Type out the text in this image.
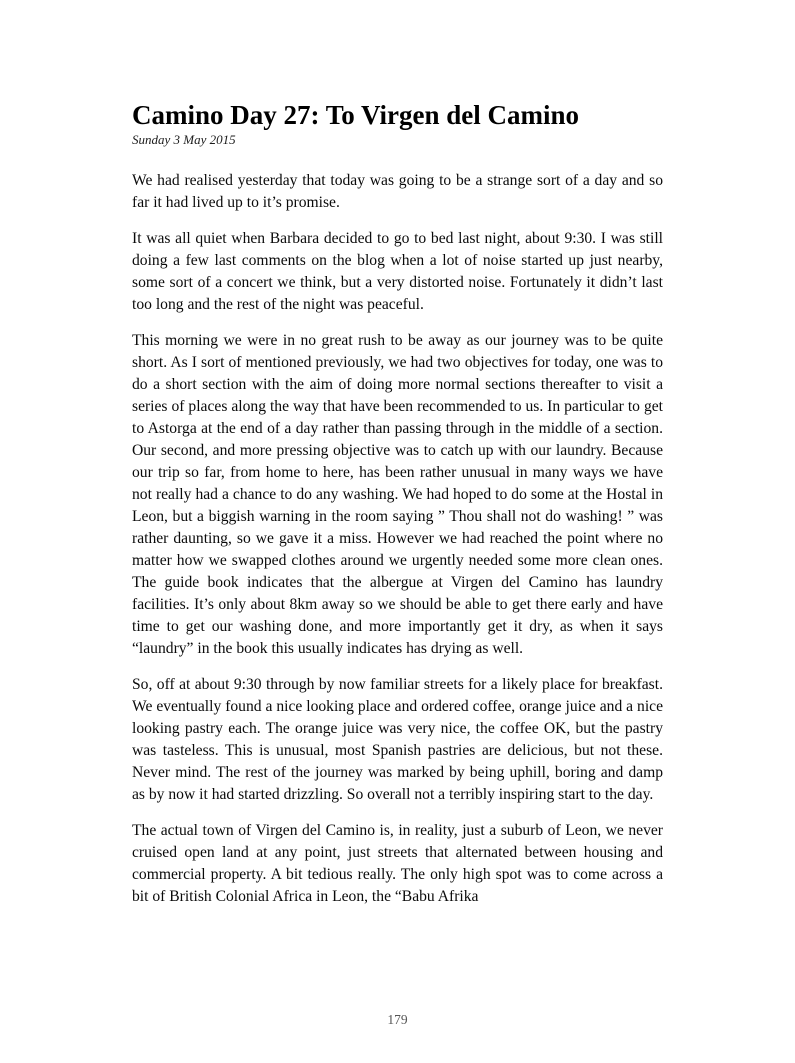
Camino Day 27: To Virgen del Camino
Sunday 3 May 2015

We had realised yesterday that today was going to be a strange sort of a day and so far it had lived up to it’s promise.

It was all quiet when Barbara decided to go to bed last night, about 9:30. I was still doing a few last comments on the blog when a lot of noise started up just nearby, some sort of a concert we think, but a very distorted noise. Fortunately it didn’t last too long and the rest of the night was peaceful.

This morning we were in no great rush to be away as our journey was to be quite short. As I sort of mentioned previously, we had two objectives for today, one was to do a short section with the aim of doing more normal sections thereafter to visit a series of places along the way that have been recommended to us. In particular to get to Astorga at the end of a day rather than passing through in the middle of a section. Our second, and more pressing objective was to catch up with our laundry. Because our trip so far, from home to here, has been rather unusual in many ways we have not really had a chance to do any washing. We had hoped to do some at the Hostal in Leon, but a biggish warning in the room saying ” Thou shall not do washing! ” was rather daunting, so we gave it a miss. However we had reached the point where no matter how we swapped clothes around we urgently needed some more clean ones. The guide book indicates that the albergue at Virgen del Camino has laundry facilities. It’s only about 8km away so we should be able to get there early and have time to get our washing done, and more importantly get it dry, as when it says “laundry” in the book this usually indicates has drying as well.

So, off at about 9:30 through by now familiar streets for a likely place for breakfast. We eventually found a nice looking place and ordered coffee, orange juice and a nice looking pastry each. The orange juice was very nice, the coffee OK, but the pastry was tasteless. This is unusual, most Spanish pastries are delicious, but not these. Never mind. The rest of the journey was marked by being uphill, boring and damp as by now it had started drizzling. So overall not a terribly inspiring start to the day.

The actual town of Virgen del Camino is, in reality, just a suburb of Leon, we never cruised open land at any point, just streets that alternated between housing and commercial property. A bit tedious really. The only high spot was to come across a bit of British Colonial Africa in Leon, the “Babu Afrika

179
